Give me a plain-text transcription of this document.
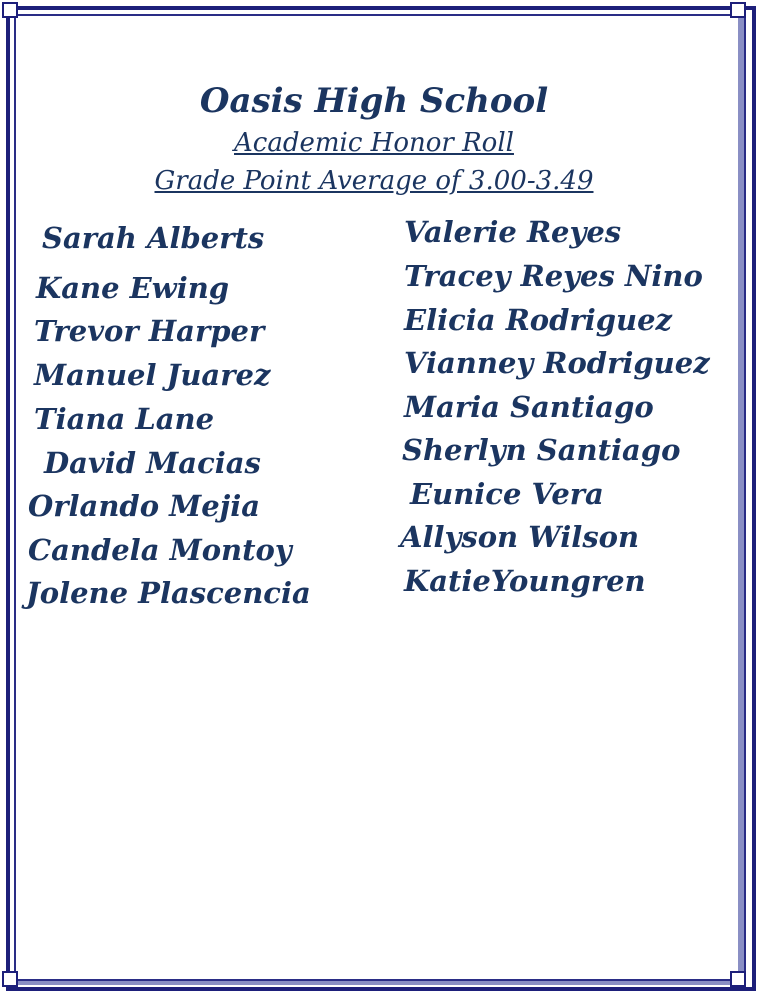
Oasis High School
Academic Honor Roll
Grade Point Average of 3.00-3.49
Sarah Alberts
Kane Ewing
Trevor Harper
Manuel Juarez
Tiana Lane
David Macias
Orlando Mejia
Candela Montoy
Jolene Plascencia
Valerie Reyes
Tracey Reyes Nino
Elicia Rodriguez
Vianney Rodriguez
Maria Santiago
Sherlyn Santiago
Eunice Vera
Allyson Wilson
KatieYoungren
